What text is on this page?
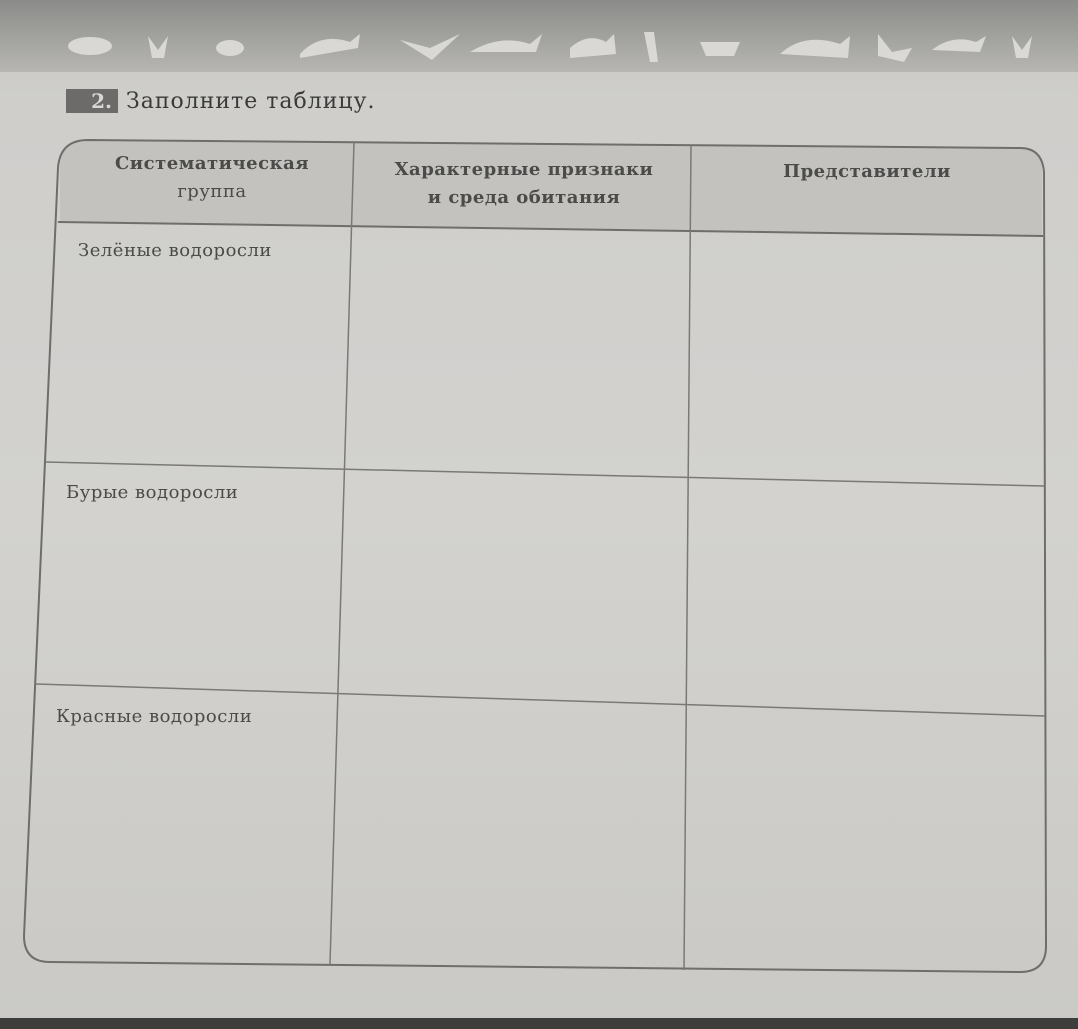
2. Заполните таблицу.
Систематическая
группа
Характерные признаки
и среда обитания
Представители
Зелёные водоросли
Бурые водоросли
Красные водоросли
